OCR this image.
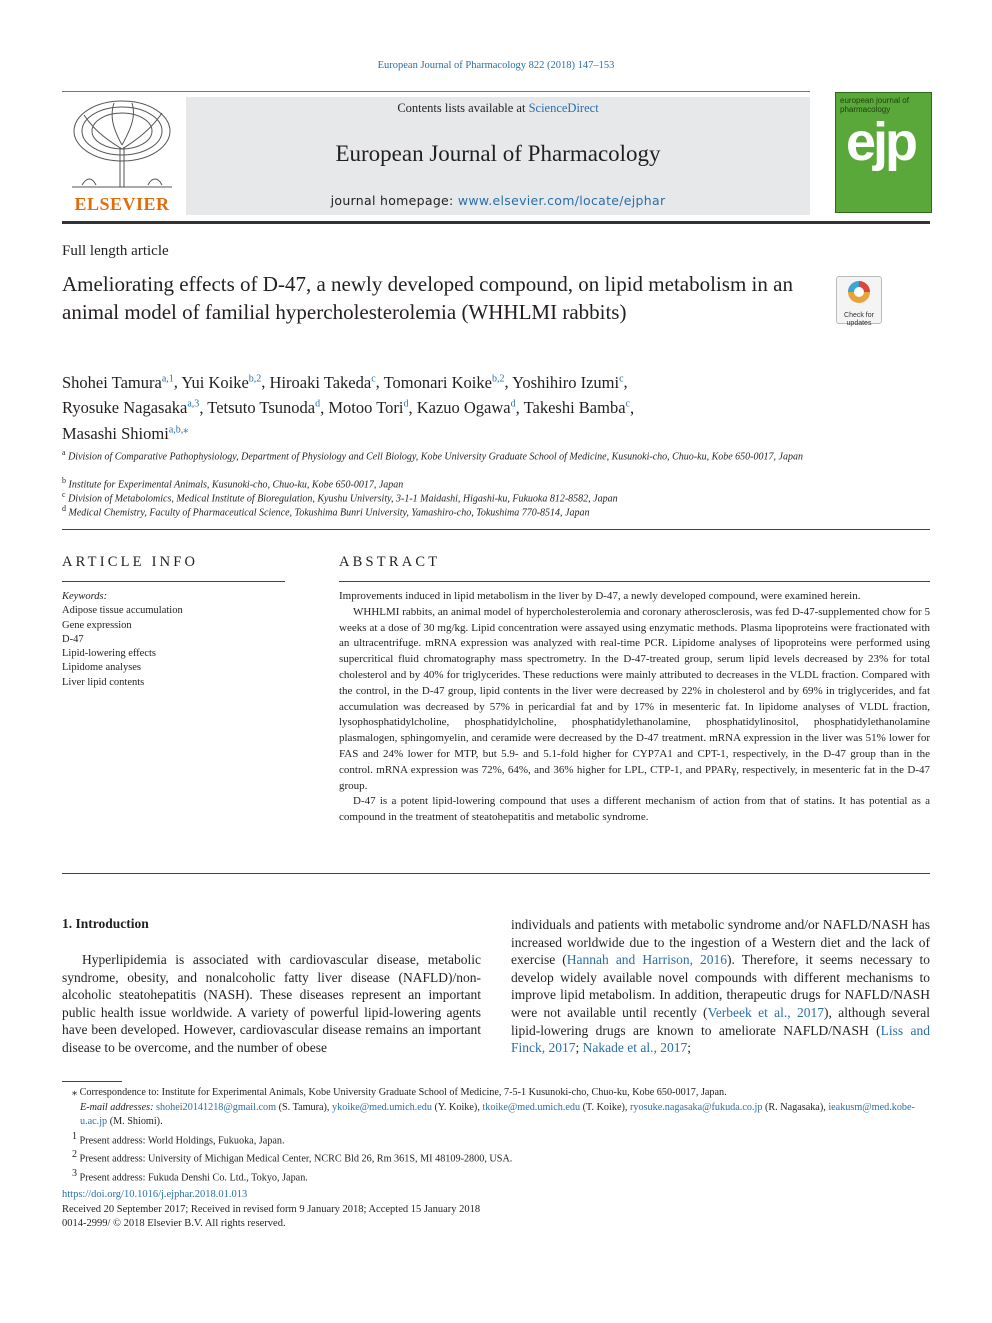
European Journal of Pharmacology 822 (2018) 147–153
ELSEVIER
Contents lists available at ScienceDirect
European Journal of Pharmacology
journal homepage: www.elsevier.com/locate/ejphar
european journal of pharmacology
ejp
Full length article
Ameliorating effects of D-47, a newly developed compound, on lipid metabolism in an animal model of familial hypercholesterolemia (WHHLMI rabbits)	Check for updates
Shohei Tamura$^{a,1}$, Yui Koike$^{b,2}$, Hiroaki Takeda$^c$, Tomonari Koike$^{b,2}$, Yoshihiro Izumi$^c$,
Ryosuke Nagasaka$^{a,3}$, Tetsuto Tsunoda$^d$, Motoo Tori$^d$, Kazuo Ogawa$^d$, Takeshi Bamba$^c$,
Masashi Shiomi$^{a,b,⁎}$
$^a$ Division of Comparative Pathophysiology, Department of Physiology and Cell Biology, Kobe University Graduate School of Medicine, Kusunoki-cho, Chuo-ku, Kobe 650-0017, Japan
$^b$ Institute for Experimental Animals, Kusunoki-cho, Chuo-ku, Kobe 650-0017, Japan
$^c$ Division of Metabolomics, Medical Institute of Bioregulation, Kyushu University, 3-1-1 Maidashi, Higashi-ku, Fukuoka 812-8582, Japan
$^d$ Medical Chemistry, Faculty of Pharmaceutical Science, Tokushima Bunri University, Yamashiro-cho, Tokushima 770-8514, Japan
ARTICLE INFO
Keywords:
Adipose tissue accumulation
Gene expression
D-47
Lipid-lowering effects
Lipidome analyses
Liver lipid contents
ABSTRACT

Improvements induced in lipid metabolism in the liver by D-47, a newly developed compound, were examined herein.

WHHLMI rabbits, an animal model of hypercholesterolemia and coronary atherosclerosis, was fed D-47-supplemented chow for 5 weeks at a dose of 30 mg/kg. Lipid concentration were assayed using enzymatic methods. Plasma lipoproteins were fractionated with an ultracentrifuge. mRNA expression was analyzed with real-time PCR. Lipidome analyses of lipoproteins were performed using supercritical fluid chromatography mass spectrometry. In the D-47-treated group, serum lipid levels decreased by 23% for total cholesterol and by 40% for triglycerides. These reductions were mainly attributed to decreases in the VLDL fraction. Compared with the control, in the D-47 group, lipid contents in the liver were decreased by 22% in cholesterol and by 69% in triglycerides, and fat accumulation was decreased by 57% in pericardial fat and by 17% in mesenteric fat. In lipidome analyses of VLDL fraction, lysophosphatidylcholine, phosphatidylcholine, phosphatidylethanolamine, phosphatidylinositol, phosphatidylethanolamine plasmalogen, sphingomyelin, and ceramide were decreased by the D-47 treatment. mRNA expression in the liver was 51% lower for FAS and 24% lower for MTP, but 5.9- and 5.1-fold higher for CYP7A1 and CPT-1, respectively, in the D-47 group than in the control. mRNA expression was 72%, 64%, and 36% higher for LPL, CTP-1, and PPARγ, respectively, in mesenteric fat in the D-47 group.

D-47 is a potent lipid-lowering compound that uses a different mechanism of action from that of statins. It has potential as a compound in the treatment of steatohepatitis and metabolic syndrome.

1. Introduction

Hyperlipidemia is associated with cardiovascular disease, metabolic syndrome, obesity, and nonalcoholic fatty liver disease (NAFLD)/non-alcoholic steatohepatitis (NASH). These diseases represent an important public health issue worldwide. A variety of powerful lipid-lowering agents have been developed. However, cardiovascular disease remains an important disease to be overcome, and the number of obese

individuals and patients with metabolic syndrome and/or NAFLD/NASH has increased worldwide due to the ingestion of a Western diet and the lack of exercise (Hannah and Harrison, 2016). Therefore, it seems necessary to develop widely available novel compounds with different mechanisms to improve lipid metabolism. In addition, therapeutic drugs for NAFLD/NASH were not available until recently (Verbeek et al., 2017), although several lipid-lowering drugs are known to ameliorate NAFLD/NASH (Liss and Finck, 2017; Nakade et al., 2017;

⁎ Correspondence to: Institute for Experimental Animals, Kobe University Graduate School of Medicine, 7-5-1 Kusunoki-cho, Chuo-ku, Kobe 650-0017, Japan.
E-mail addresses: shohei20141218@gmail.com (S. Tamura), ykoike@med.umich.edu (Y. Koike), tkoike@med.umich.edu (T. Koike), ryosuke.nagasaka@fukuda.co.jp (R. Nagasaka), ieakusm@med.kobe-u.ac.jp (M. Shiomi).
$^1$ Present address: World Holdings, Fukuoka, Japan.
$^2$ Present address: University of Michigan Medical Center, NCRC Bld 26, Rm 361S, MI 48109-2800, USA.
$^3$ Present address: Fukuda Denshi Co. Ltd., Tokyo, Japan.
https://doi.org/10.1016/j.ejphar.2018.01.013
Received 20 September 2017; Received in revised form 9 January 2018; Accepted 15 January 2018
0014-2999/ © 2018 Elsevier B.V. All rights reserved.
